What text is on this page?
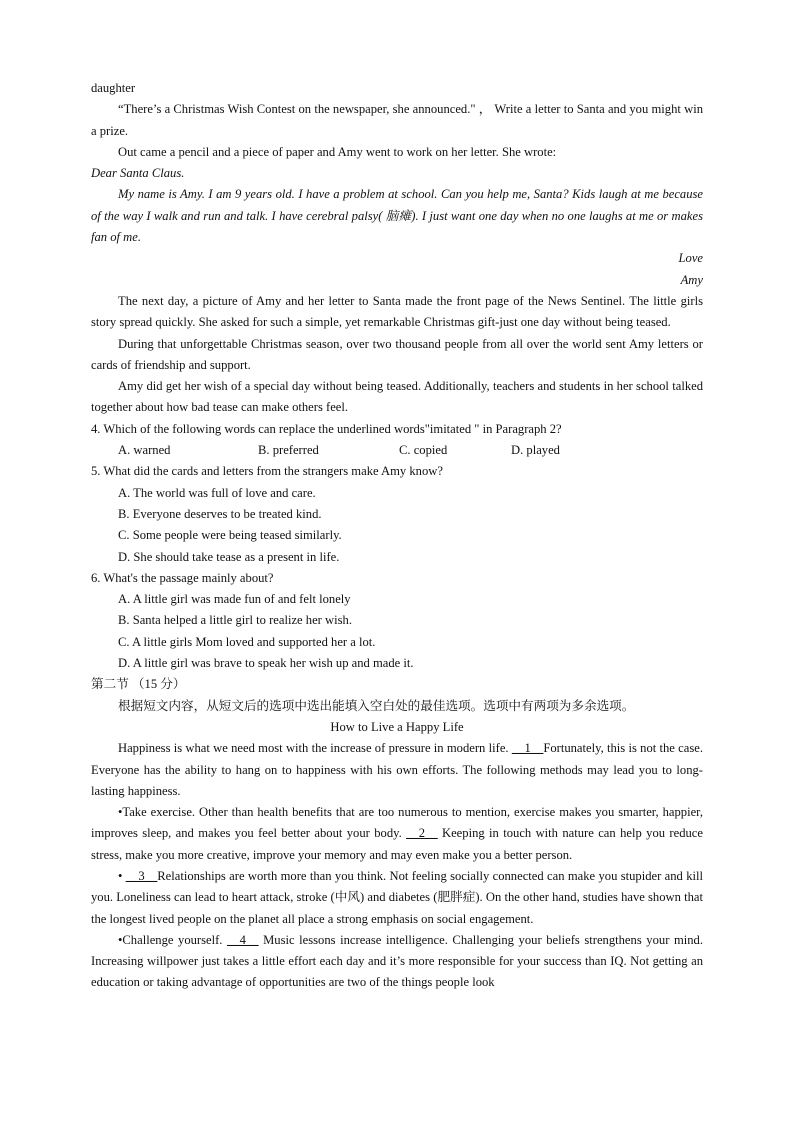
daughter

“There’s a Christmas Wish Contest on the newspaper, she announced." ， Write a letter to Santa and you might win a prize.

Out came a pencil and a piece of paper and Amy went to work on her letter. She wrote:

Dear Santa Claus.

My name is Amy. I am 9 years old. I have a problem at school. Can you help me, Santa? Kids laugh at me because of the way I walk and run and talk. I have cerebral palsy( 脑瘫). I just want one day when no one laughs at me or makes fan of me.

Love

Amy

The next day, a picture of Amy and her letter to Santa made the front page of the News Sentinel. The little girls story spread quickly. She asked for such a simple, yet remarkable Christmas gift-just one day without being teased.

During that unforgettable Christmas season, over two thousand people from all over the world sent Amy letters or cards of friendship and support.

Amy did get her wish of a special day without being teased. Additionally, teachers and students in her school talked together about how bad tease can make others feel.

4. Which of the following words can replace the underlined words"imitated " in Paragraph 2?

A. warned	B. preferred	C. copied	D. played

5. What did the cards and letters from the strangers make Amy know?

A. The world was full of love and care.

B. Everyone deserves to be treated kind.

C. Some people were being teased similarly.

D. She should take tease as a present in life.

6. What's the passage mainly about?

A. A little girl was made fun of and felt lonely

B. Santa helped a little girl to realize her wish.

C. A little girls Mom loved and supported her a lot.

D. A little girl was brave to speak her wish up and made it.

第二节 （15 分）

根据短文内容，从短文后的选项中选出能填入空白处的最佳选项。选项中有两项为多余选项。

How to Live a Happy Life

Happiness is what we need most with the increase of pressure in modern life. __1__Fortunately, this is not the case. Everyone has the ability to hang on to happiness with his own efforts. The following methods may lead you to long-lasting happiness.

•Take exercise. Other than health benefits that are too numerous to mention, exercise makes you smarter, happier, improves sleep, and makes you feel better about your body. __2__ Keeping in touch with nature can help you reduce stress, make you more creative, improve your memory and may even make you a better person.

• __3__Relationships are worth more than you think. Not feeling socially connected can make you stupider and kill you. Loneliness can lead to heart attack, stroke (中风) and diabetes (肥胖症). On the other hand, studies have shown that the longest lived people on the planet all place a strong emphasis on social engagement.

•Challenge yourself. __4__ Music lessons increase intelligence. Challenging your beliefs strengthens your mind. Increasing willpower just takes a little effort each day and it’s more responsible for your success than IQ. Not getting an education or taking advantage of opportunities are two of the things people look
